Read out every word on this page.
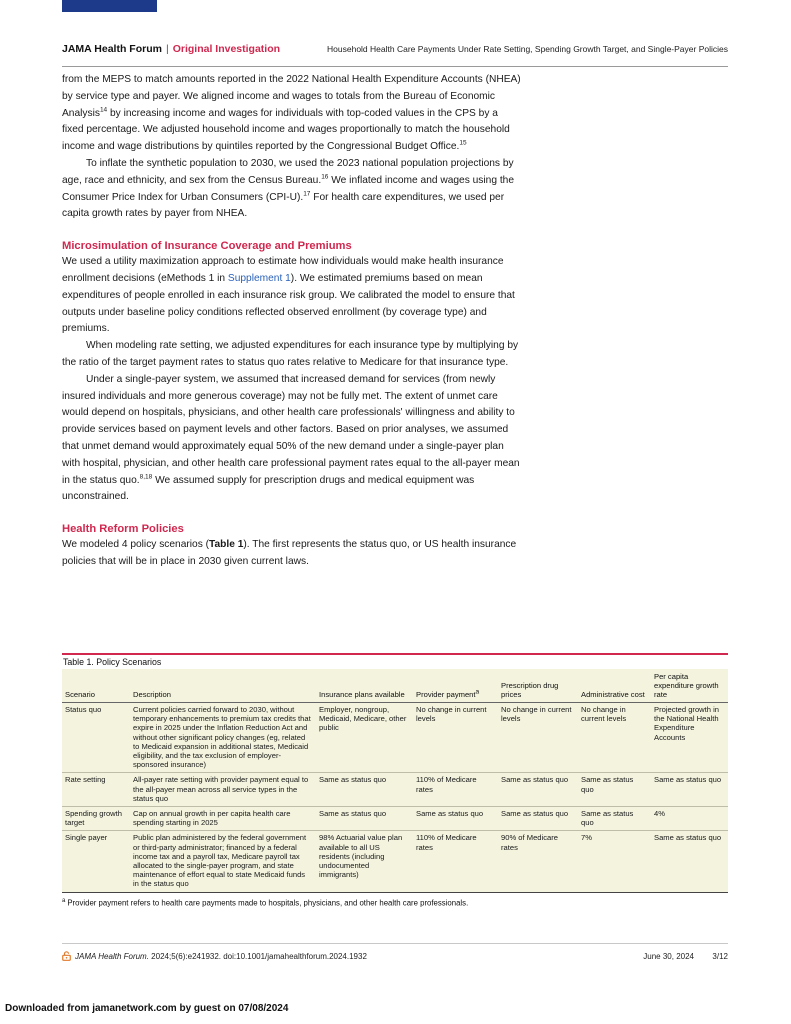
JAMA Health Forum | Original Investigation	Household Health Care Payments Under Rate Setting, Spending Growth Target, and Single-Payer Policies

from the MEPS to match amounts reported in the 2022 National Health Expenditure Accounts (NHEA) by service type and payer. We aligned income and wages to totals from the Bureau of Economic Analysis$^{14}$ by increasing income and wages for individuals with top-coded values in the CPS by a fixed percentage. We adjusted household income and wages proportionally to match the household income and wage distributions by quintiles reported by the Congressional Budget Office.$^{15}$

To inflate the synthetic population to 2030, we used the 2023 national population projections by age, race and ethnicity, and sex from the Census Bureau.$^{16}$ We inflated income and wages using the Consumer Price Index for Urban Consumers (CPI-U).$^{17}$ For health care expenditures, we used per capita growth rates by payer from NHEA.

Microsimulation of Insurance Coverage and Premiums

We used a utility maximization approach to estimate how individuals would make health insurance enrollment decisions (eMethods 1 in Supplement 1). We estimated premiums based on mean expenditures of people enrolled in each insurance risk group. We calibrated the model to ensure that outputs under baseline policy conditions reflected observed enrollment (by coverage type) and premiums.

When modeling rate setting, we adjusted expenditures for each insurance type by multiplying by the ratio of the target payment rates to status quo rates relative to Medicare for that insurance type.

Under a single-payer system, we assumed that increased demand for services (from newly insured individuals and more generous coverage) may not be fully met. The extent of unmet care would depend on hospitals, physicians, and other health care professionals' willingness and ability to provide services based on payment levels and other factors. Based on prior analyses, we assumed that unmet demand would approximately equal 50% of the new demand under a single-payer plan with hospital, physician, and other health care professional payment rates equal to the all-payer mean in the status quo.$^{8,18}$ We assumed supply for prescription drugs and medical equipment was unconstrained.

Health Reform Policies

We modeled 4 policy scenarios (Table 1). The first represents the status quo, or US health insurance policies that will be in place in 2030 given current laws.

Table 1. Policy Scenarios
Scenario	Description	Insurance plans available	Provider payment$^a$	Prescription drug prices	Administrative cost	Per capita expenditure growth rate
Status quo	Current policies carried forward to 2030, without temporary enhancements to premium tax credits that expire in 2025 under the Inflation Reduction Act and without other significant policy changes (eg, related to Medicaid expansion in additional states, Medicaid eligibility, and the tax exclusion of employer-sponsored insurance)	Employer, nongroup, Medicaid, Medicare, other public	No change in current levels	No change in current levels	No change in current levels	Projected growth in the National Health Expenditure Accounts
Rate setting	All-payer rate setting with provider payment equal to the all-payer mean across all service types in the status quo	Same as status quo	110% of Medicare rates	Same as status quo	Same as status quo	Same as status quo
Spending growth target	Cap on annual growth in per capita health care spending starting in 2025	Same as status quo	Same as status quo	Same as status quo	Same as status quo	4%
Single payer	Public plan administered by the federal government or third-party administrator; financed by a federal income tax and a payroll tax, Medicare payroll tax allocated to the single-payer program, and state maintenance of effort equal to state Medicaid funds in the status quo	98% Actuarial value plan available to all US residents (including undocumented immigrants)	110% of Medicare rates	90% of Medicare rates	7%	Same as status quo
$^a$ Provider payment refers to health care payments made to hospitals, physicians, and other health care professionals.
JAMA Health Forum. 2024;5(6):e241932. doi:10.1001/jamahealthforum.2024.1932	June 30, 2024 3/12
Downloaded from jamanetwork.com by guest on 07/08/2024
